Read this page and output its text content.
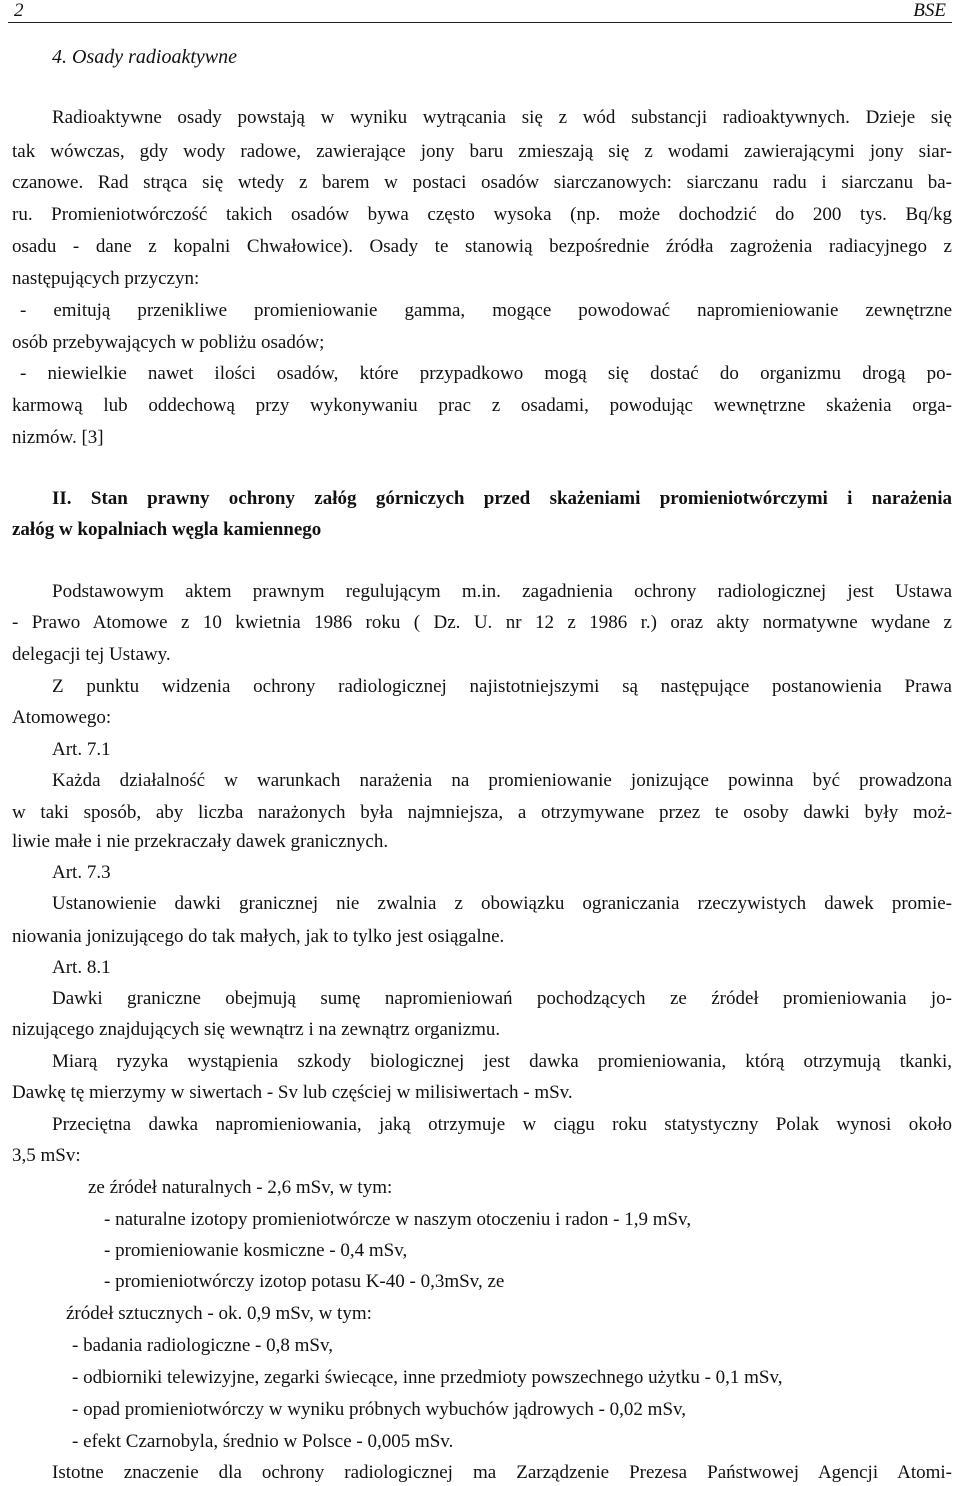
2	BSE
4. Osady radioaktywne
Radioaktywne osady powstają w wyniku wytrącania się z wód substancji radioaktywnych. Dzieje się
tak wówczas, gdy wody radowe, zawierające jony baru zmieszają się z wodami zawierającymi jony siar-
czanowe. Rad strąca się wtedy z barem w postaci osadów siarczanowych: siarczanu radu i siarczanu ba-
ru. Promieniotwórczość takich osadów bywa często wysoka (np. może dochodzić do 200 tys. Bq/kg
osadu - dane z kopalni Chwałowice). Osady te stanowią bezpośrednie źródła zagrożenia radiacyjnego z
następujących przyczyn:
- emitują przenikliwe promieniowanie gamma, mogące powodować napromieniowanie zewnętrzne
osób przebywających w pobliżu osadów;
- niewielkie nawet ilości osadów, które przypadkowo mogą się dostać do organizmu drogą po-
karmową lub oddechową przy wykonywaniu prac z osadami, powodując wewnętrzne skażenia orga-
nizmów. [3]
II. Stan prawny ochrony załóg górniczych przed skażeniami promieniotwórczymi i narażenia
załóg w kopalniach węgla kamiennego
Podstawowym aktem prawnym regulującym m.in. zagadnienia ochrony radiologicznej jest Ustawa
- Prawo Atomowe z 10 kwietnia 1986 roku ( Dz. U. nr 12 z 1986 r.) oraz akty normatywne wydane z
delegacji tej Ustawy.
Z punktu widzenia ochrony radiologicznej najistotniejszymi są następujące postanowienia Prawa
Atomowego:
Art. 7.1
Każda działalność w warunkach narażenia na promieniowanie jonizujące powinna być prowadzona
w taki sposób, aby liczba narażonych była najmniejsza, a otrzymywane przez te osoby dawki były moż-
liwie małe i nie przekraczały dawek granicznych.
Art. 7.3
Ustanowienie dawki granicznej nie zwalnia z obowiązku ograniczania rzeczywistych dawek promie-
niowania jonizującego do tak małych, jak to tylko jest osiągalne.
Art. 8.1
Dawki graniczne obejmują sumę napromieniowań pochodzących ze źródeł promieniowania jo-
nizującego znajdujących się wewnątrz i na zewnątrz organizmu.
Miarą ryzyka wystąpienia szkody biologicznej jest dawka promieniowania, którą otrzymują tkanki,
Dawkę tę mierzymy w siwertach - Sv lub częściej w milisiwertach - mSv.
Przeciętna dawka napromieniowania, jaką otrzymuje w ciągu roku statystyczny Polak wynosi około
3,5 mSv:
ze źródeł naturalnych - 2,6 mSv, w tym:
- naturalne izotopy promieniotwórcze w naszym otoczeniu i radon - 1,9 mSv,
- promieniowanie kosmiczne - 0,4 mSv,
- promieniotwórczy izotop potasu K-40 - 0,3mSv, ze
źródeł sztucznych - ok. 0,9 mSv, w tym:
- badania radiologiczne - 0,8 mSv,
- odbiorniki telewizyjne, zegarki świecące, inne przedmioty powszechnego użytku - 0,1 mSv,
- opad promieniotwórczy w wyniku próbnych wybuchów jądrowych - 0,02 mSv,
- efekt Czarnobyla, średnio w Polsce - 0,005 mSv.
Istotne znaczenie dla ochrony radiologicznej ma Zarządzenie Prezesa Państwowej Agencji Atomi-
